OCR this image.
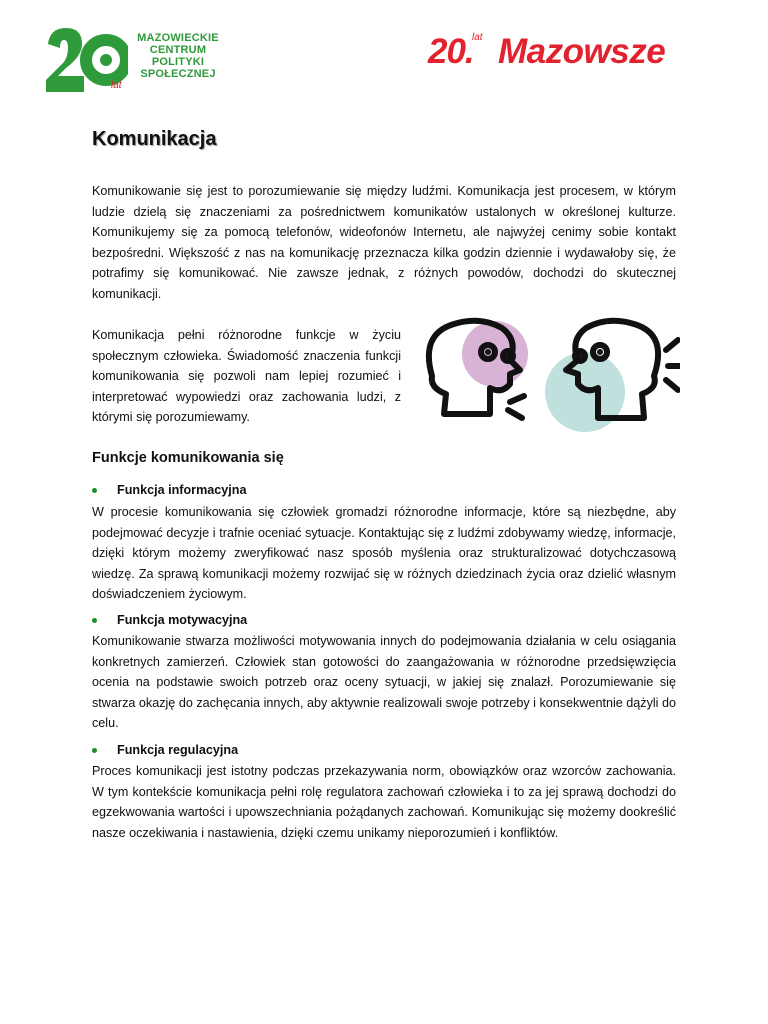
lat
MAZOWIECKIE
CENTRUM
POLITYKI
SPOŁECZNEJ
20.
lat Mazowsze
Komunikacja

Komunikowanie się jest to porozumiewanie się między ludźmi. Komunikacja jest procesem, w którym ludzie dzielą się znaczeniami za pośrednictwem komunikatów ustalonych w określonej kulturze. Komunikujemy się za pomocą telefonów, wideofonów Internetu, ale najwyżej cenimy sobie kontakt bezpośredni. Większość z nas na komunikację przeznacza kilka godzin dziennie i wydawałoby się, że potrafimy się komunikować. Nie zawsze jednak, z różnych powodów, dochodzi do skutecznej komunikacji.

Komunikacja pełni różnorodne funkcje w życiu społecznym człowieka. Świadomość znaczenia funkcji komunikowania się pozwoli nam lepiej rozumieć i interpretować wypowiedzi oraz zachowania ludzi, z którymi się porozumiewamy.

Funkcje komunikowania się
Funkcja informacyjna

W procesie komunikowania się człowiek gromadzi różnorodne informacje, które są niezbędne, aby podejmować decyzje i trafnie oceniać sytuacje. Kontaktując się z ludźmi zdobywamy wiedzę, informacje, dzięki którym możemy zweryfikować nasz sposób myślenia oraz strukturalizować dotychczasową wiedzę. Za sprawą komunikacji możemy rozwijać się w różnych dziedzinach życia oraz dzielić własnym doświadczeniem życiowym.

Funkcja motywacyjna

Komunikowanie stwarza możliwości motywowania innych do podejmowania działania w celu osiągania konkretnych zamierzeń. Człowiek stan gotowości do zaangażowania w różnorodne przedsięwzięcia ocenia na podstawie swoich potrzeb oraz oceny sytuacji, w jakiej się znalazł. Porozumiewanie się stwarza okazję do zachęcania innych, aby aktywnie realizowali swoje potrzeby i konsekwentnie dążyli do celu.

Funkcja regulacyjna

Proces komunikacji jest istotny podczas przekazywania norm, obowiązków oraz wzorców zachowania. W tym kontekście komunikacja pełni rolę regulatora zachowań człowieka i to za jej sprawą dochodzi do egzekwowania wartości i upowszechniania pożądanych zachowań. Komunikując się możemy dookreślić nasze oczekiwania i nastawienia, dzięki czemu unikamy nieporozumień i konfliktów.
